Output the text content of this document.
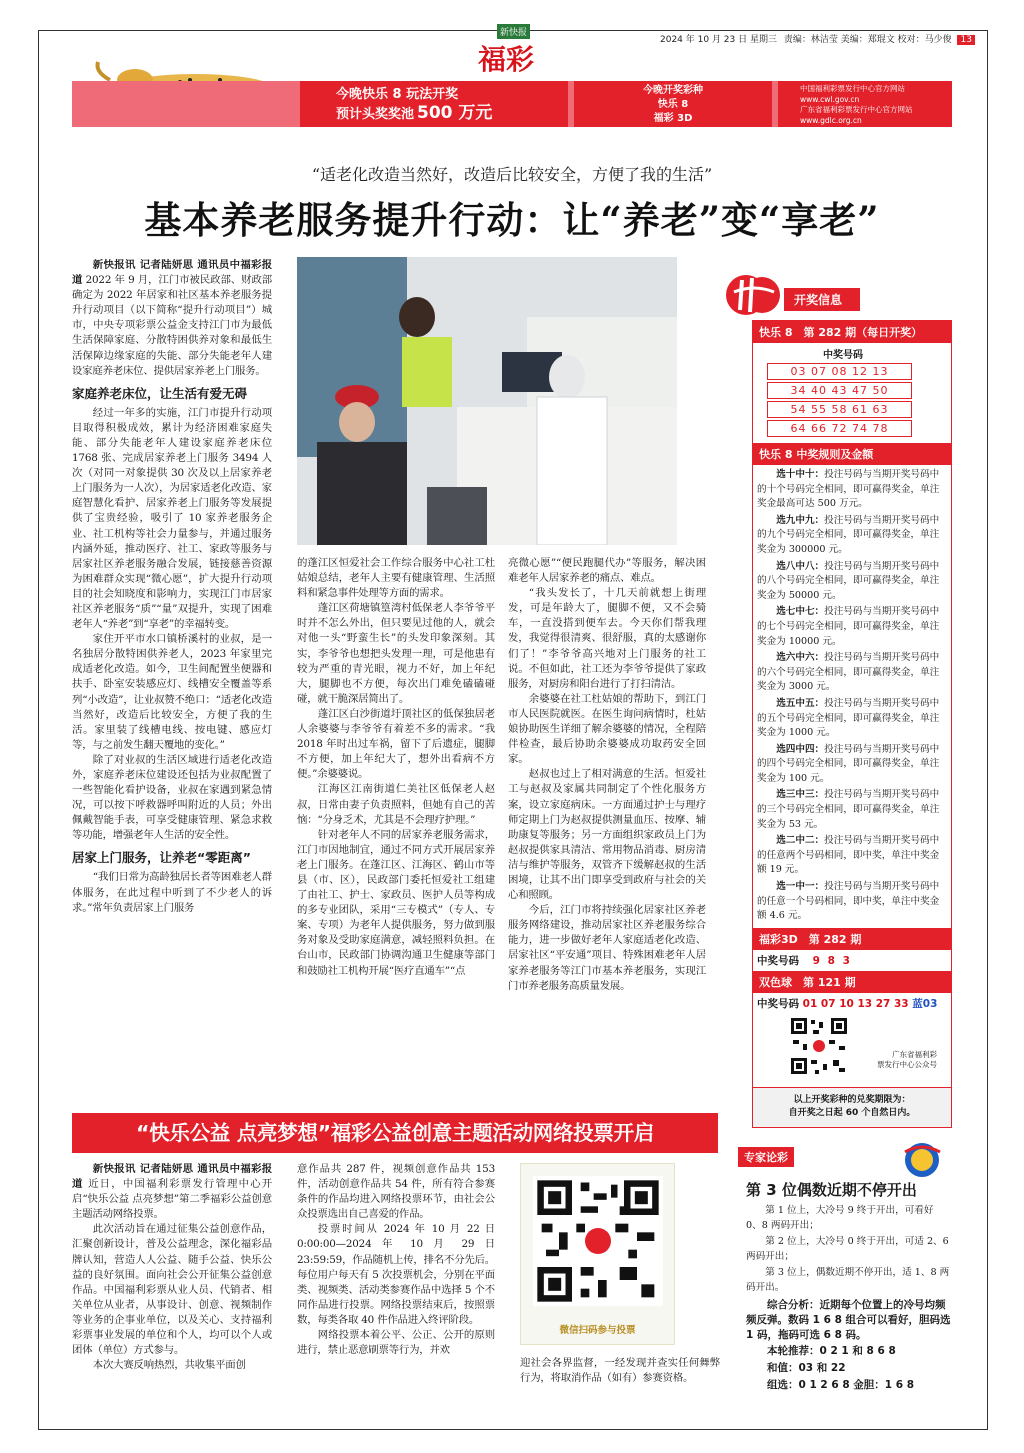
新快报
福彩
2024 年 10 月 23 日 星期三 责编：林洁莹 美编：郑琨文 校对：马少俊 13
今晚快乐 8 玩法开奖
预计头奖奖池 500 万元
今晚开奖彩种
快乐 8
福彩 3D
中国福利彩票发行中心官方网站
www.cwl.gov.cn
广东省福利彩票发行中心官方网站
www.gdlc.org.cn
“适老化改造当然好，改造后比较安全，方便了我的生活”
基本养老服务提升行动：让“养老”变“享老”

新快报讯 记者陆妍思 通讯员中福彩报道 2022 年 9 月，江门市被民政部、财政部确定为 2022 年居家和社区基本养老服务提升行动项目（以下简称“提升行动项目”）城市，中央专项彩票公益金支持江门市为最低生活保障家庭、分散特困供养对象和最低生活保障边缘家庭的失能、部分失能老年人建设家庭养老床位、提供居家养老上门服务。

家庭养老床位，让生活有爱无碍

经过一年多的实施，江门市提升行动项目取得积极成效，累计为经济困难家庭失能、部分失能老年人建设家庭养老床位 1768 张、完成居家养老上门服务 3494 人次（对同一对象提供 30 次及以上居家养老上门服务为一人次），为居家适老化改造、家庭智慧化看护、居家养老上门服务等发展提供了宝贵经验，吸引了 10 家养老服务企业、社工机构等社会力量参与，并通过服务内涵外延，推动医疗、社工、家政等服务与居家社区养老服务融合发展，链接慈善资源为困难群众实现“微心愿”，扩大提升行动项目的社会知晓度和影响力，实现江门市居家社区养老服务“质”“量”双提升，实现了困难老年人“养老”到“享老”的幸福转变。

家住开平市水口镇桥溪村的业叔，是一名独居分散特困供养老人，2023 年家里完成适老化改造。如今，卫生间配置坐便器和扶手、卧室安装感应灯、线槽安全覆盖等系列“小改造”，让业叔赞不绝口：“适老化改造当然好，改造后比较安全，方便了我的生活。家里装了线槽电线、按电键、感应灯等，与之前发生翻天覆地的变化。”

除了对业叔的生活区域进行适老化改造外，家庭养老床位建设还包括为业叔配置了一些智能化看护设备，业叔在家遇到紧急情况，可以按下呼救器呼叫附近的人员；外出佩戴智能手表，可享受健康管理、紧急求救等功能，增强老年人生活的安全性。

居家上门服务，让养老“零距离”

“我们日常为高龄独居长者等困难老人群体服务，在此过程中听到了不少老人的诉求。”常年负责居家上门服务

的蓬江区恒爱社会工作综合服务中心社工杜姑娘总结，老年人主要有健康管理、生活照料和紧急事件处理等方面的需求。

蓬江区荷塘镇篁湾村低保老人李爷爷平时并不怎么外出，但只要见过他的人，就会对他一头“野蛮生长”的头发印象深刻。其实，李爷爷也想把头发理一理，可是他患有较为严重的青光眼，视力不好，加上年纪大，腿脚也不方便，每次出门难免磕磕碰碰，就干脆深居简出了。

蓬江区白沙街道圩顶社区的低保独居老人余婆婆与李爷爷有着差不多的需求。“我 2018 年时出过车祸，留下了后遗症，腿脚不方便，加上年纪大了，想外出看病不方便。”余婆婆说。

江海区江南街道仁美社区低保老人赵叔，日常由妻子负责照料，但她有自己的苦恼：“分身乏术，尤其是不会理疗护理。”

针对老年人不同的居家养老服务需求，江门市因地制宜，通过不同方式开展居家养老上门服务。在蓬江区、江海区、鹤山市等县（市、区），民政部门委托恒爱社工组建了由社工、护士、家政员、医护人员等构成的多专业团队，采用“三专模式”（专人、专案、专项）为老年人提供服务，努力做到服务对象及受助家庭满意，减轻照料负担。在台山市，民政部门协调沟通卫生健康等部门和鼓励社工机构开展“医疗直通车”“点

亮微心愿”“便民跑腿代办”等服务，解决困难老年人居家养老的痛点、难点。

“我头发长了，十几天前就想上街理发，可是年龄大了，腿脚不便，又不会骑车，一直没搭到便车去。今天你们帮我理发，我觉得很清爽、很舒服，真的太感谢你们了！”李爷爷高兴地对上门服务的社工说。不但如此，社工还为李爷爷提供了家政服务，对厨房和阳台进行了打扫清洁。

余婆婆在社工杜姑娘的帮助下，到江门市人民医院就医。在医生询问病情时，杜姑娘协助医生详细了解余婆婆的情况，全程陪伴检查，最后协助余婆婆成功取药安全回家。

赵叔也过上了相对满意的生活。恒爱社工与赵叔及家属共同制定了个性化服务方案，设立家庭病床。一方面通过护士与理疗师定期上门为赵叔提供测量血压、按摩、辅助康复等服务；另一方面组织家政员上门为赵叔提供家具清洁、常用物品消毒、厨房清洁与维护等服务，双管齐下缓解赵叔的生活困境，让其不出门即享受到政府与社会的关心和照顾。

今后，江门市将持续强化居家社区养老服务网络建设，推动居家社区养老服务综合能力，进一步做好老年人家庭适老化改造、居家社区“平安通”项目、特殊困难老年人居家养老服务等江门市基本养老服务，实现江门市养老服务高质量发展。

开奖信息
快乐 8　第 282 期（每日开奖）
中奖号码
03 07 08 12 13
34 40 43 47 50
54 55 58 61 63
64 66 72 74 78
快乐 8 中奖规则及金额
选十中十：投注号码与当期开奖号码中的十个号码完全相同，即可赢得奖金，单注奖金最高可达 500 万元。
选九中九：投注号码与当期开奖号码中的九个号码完全相同，即可赢得奖金，单注奖金为 300000 元。
选八中八：投注号码与当期开奖号码中的八个号码完全相同，即可赢得奖金，单注奖金为 50000 元。
选七中七：投注号码与当期开奖号码中的七个号码完全相同，即可赢得奖金，单注奖金为 10000 元。
选六中六：投注号码与当期开奖号码中的六个号码完全相同，即可赢得奖金，单注奖金为 3000 元。
选五中五：投注号码与当期开奖号码中的五个号码完全相同，即可赢得奖金，单注奖金为 1000 元。
选四中四：投注号码与当期开奖号码中的四个号码完全相同，即可赢得奖金，单注奖金为 100 元。
选三中三：投注号码与当期开奖号码中的三个号码完全相同，即可赢得奖金，单注奖金为 53 元。
选二中二：投注号码与当期开奖号码中的任意两个号码相同，即中奖，单注中奖金额 19 元。
选一中一：投注号码与当期开奖号码中的任意一个号码相同，即中奖，单注中奖金额 4.6 元。
福彩3D　第 282 期
中奖号码 9 8 3
双色球　第 121 期
中奖号码 01 07 10 13 27 33 蓝03
广东省福利彩
票发行中心公众号
以上开奖彩种的兑奖期限为：
自开奖之日起 60 个自然日内。
专家论彩
第 3 位偶数近期不停开出
第 1 位上，大冷号 9 终于开出，可看好 0、8 两码开出；
第 2 位上，大冷号 0 终于开出，可适 2、6 两码开出；
第 3 位上，偶数近期不停开出，适 1、8 两码开出。
综合分析：近期每个位置上的冷号均频频反弹。数码 1 6 8 组合可以看好，胆码选 1 码，拖码可选 6 8 码。
本轮推荐：0 2 1 和 8 6 8
和值：03 和 22
组选：0 1 2 6 8 金胆：1 6 8
“快乐公益 点亮梦想”福彩公益创意主题活动网络投票开启

新快报讯 记者陆妍思 通讯员中福彩报道 近日，中国福利彩票发行管理中心开启“快乐公益 点亮梦想”第二季福彩公益创意主题活动网络投票。

此次活动旨在通过征集公益创意作品，汇聚创新设计，普及公益理念，深化福彩品牌认知，营造人人公益、随手公益、快乐公益的良好氛围。面向社会公开征集公益创意作品。中国福利彩票从业人员、代销者、相关单位从业者，从事设计、创意、视频制作等业务的企事业单位，以及关心、支持福利彩票事业发展的单位和个人，均可以个人或团体（单位）方式参与。

本次大赛反响热烈，共收集平面创

意作品共 287 件，视频创意作品共 153 件，活动创意作品共 54 件，所有符合参赛条件的作品均进入网络投票环节，由社会公众投票选出自己喜爱的作品。

投票时间从 2024 年 10 月 22 日 0:00:00—2024 年 10 月 29 日 23:59:59，作品随机上传，排名不分先后。每位用户每天有 5 次投票机会，分别在平面类、视频类、活动类参赛作品中选择 5 个不同作品进行投票。网络投票结束后，按照票数，每类各取 40 件作品进入终评阶段。

网络投票本着公平、公正、公开的原则进行，禁止恶意刷票等行为，并欢

微信扫码参与投票

迎社会各界监督，一经发现并查实任何舞弊行为，将取消作品（如有）参赛资格。
